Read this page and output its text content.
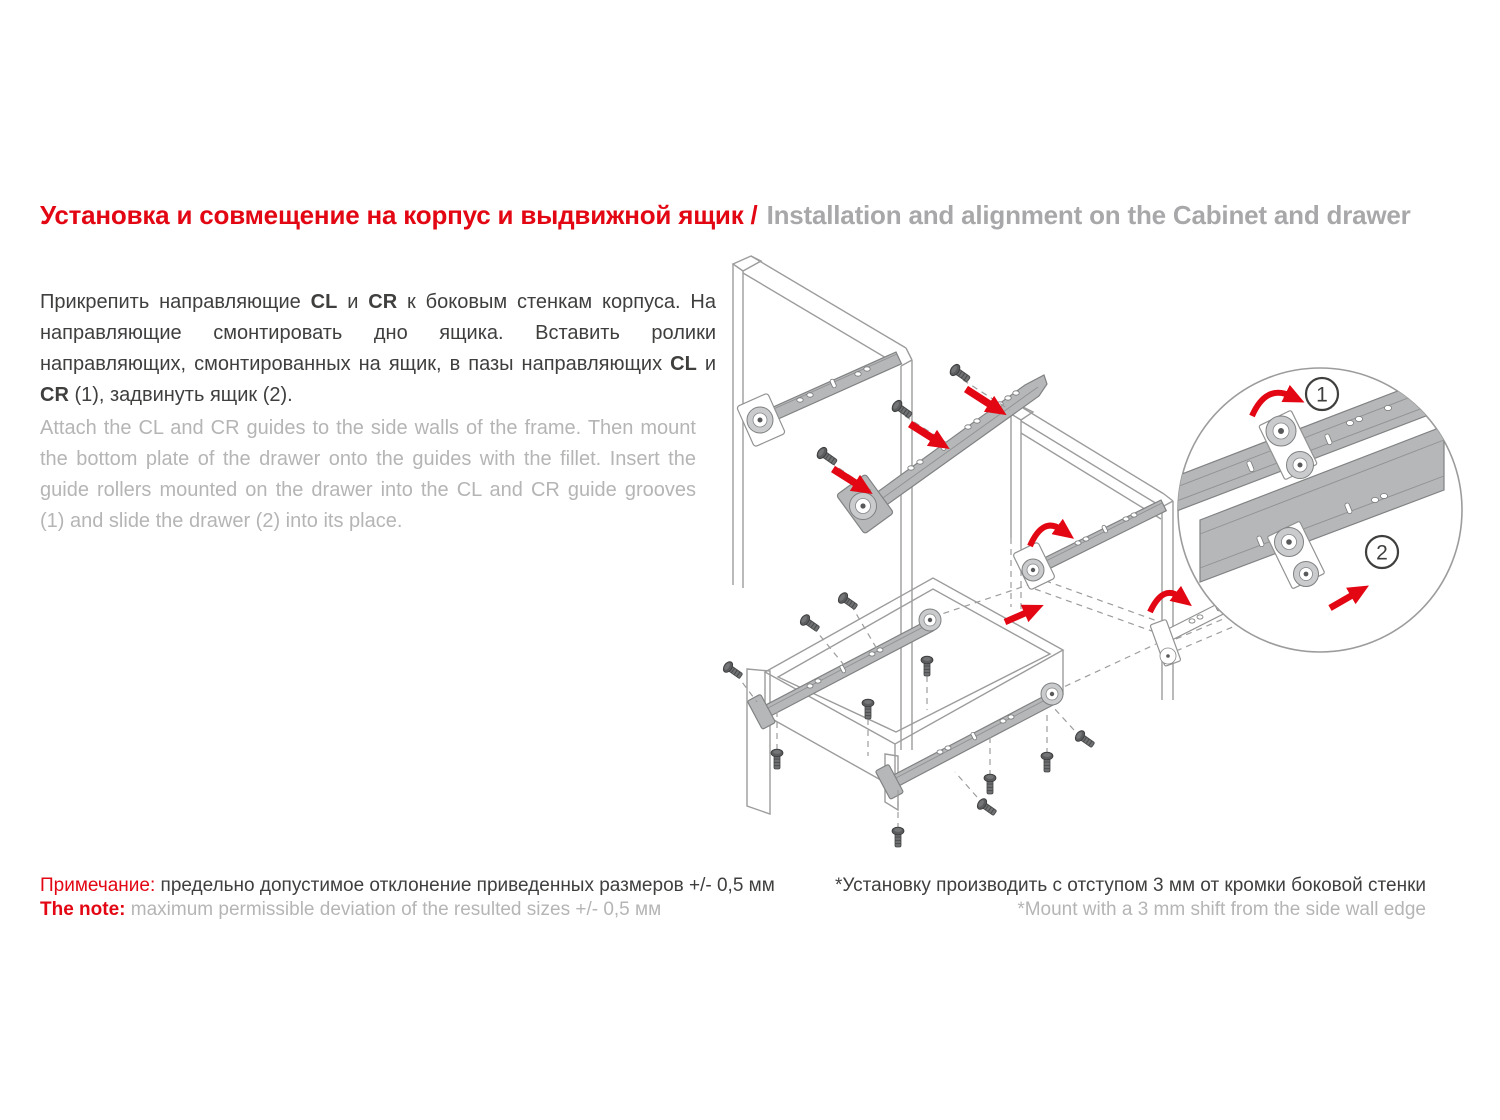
Установка и совмещение на корпус и выдвижной ящик / Installation and alignment on the Cabinet and drawer

Прикрепить направляющие CL и CR к боковым стенкам корпуса. На направляющие смонтировать дно ящика. Вставить ролики направляющих, смонтированных на ящик, в пазы направляющих CL и CR (1), задвинуть ящик (2).

Attach the CL and CR guides to the side walls of the frame. Then mount the bottom plate of the drawer onto the guides with the fillet. Insert the guide rollers mounted on the drawer into the CL and CR guide grooves (1) and slide the drawer (2) into its place.

Примечание: предельно допустимое отклонение приведенных размеров +/- 0,5 мм
The note: maximum permissible deviation of the resulted sizes +/- 0,5 мм
*Установку производить с отступом 3 мм от кромки боковой стенки
*Mount with a 3 mm shift from the side wall edge
1
2
